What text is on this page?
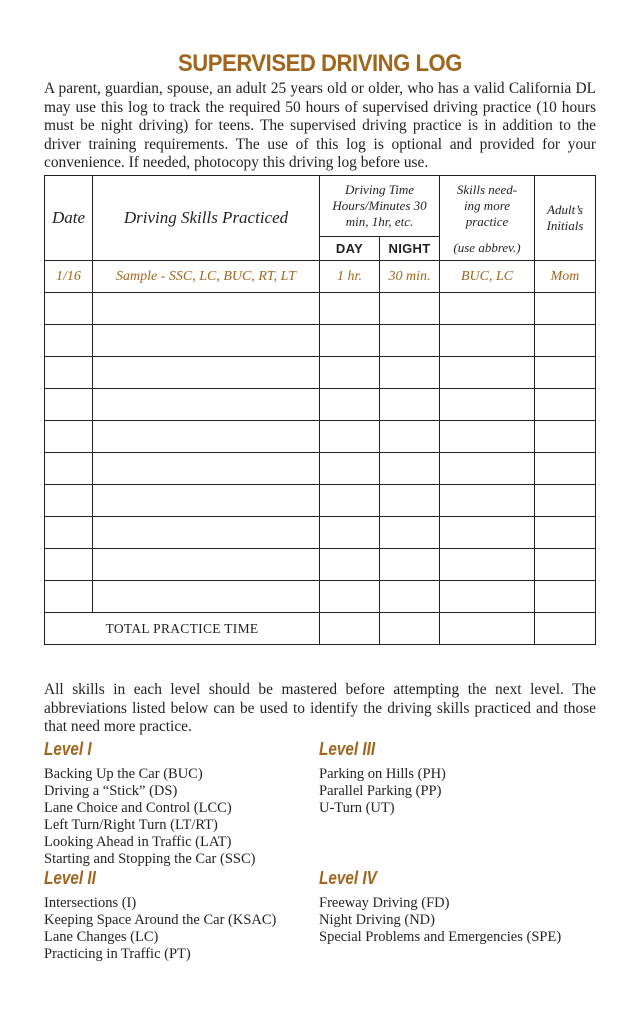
SUPERVISED DRIVING LOG
A parent, guardian, spouse, an adult 25 years old or older, who has a valid California DL may use this log to track the required 50 hours of supervised driving practice (10 hours must be night driving) for teens. The supervised driving practice is in addition to the driver training requirements. The use of this log is optional and provided for your convenience. If needed, photocopy this driving log before use.
Date	Driving Skills Practiced	Driving Time Hours/Minutes 30 min, 1hr, etc.		Skills need-ing more practice	Adult’s Initials
		DAY	NIGHT	(use abbrev.)	
1/16	Sample - SSC, LC, BUC, RT, LT	1 hr.	30 min.	BUC, LC	Mom

TOTAL PRACTICE TIME					
All skills in each level should be mastered before attempting the next level. The abbreviations listed below can be used to identify the driving skills practiced and those that need more practice.
Level I
Backing Up the Car (BUC)
Driving a “Stick” (DS)
Lane Choice and Control (LCC)
Left Turn/Right Turn (LT/RT)
Looking Ahead in Traffic (LAT)
Starting and Stopping the Car (SSC)
Level II
Intersections (I)
Keeping Space Around the Car (KSAC)
Lane Changes (LC)
Practicing in Traffic (PT)
Level III
Parking on Hills (PH)
Parallel Parking (PP)
U-Turn (UT)
Level IV
Freeway Driving (FD)
Night Driving (ND)
Special Problems and Emergencies (SPE)
